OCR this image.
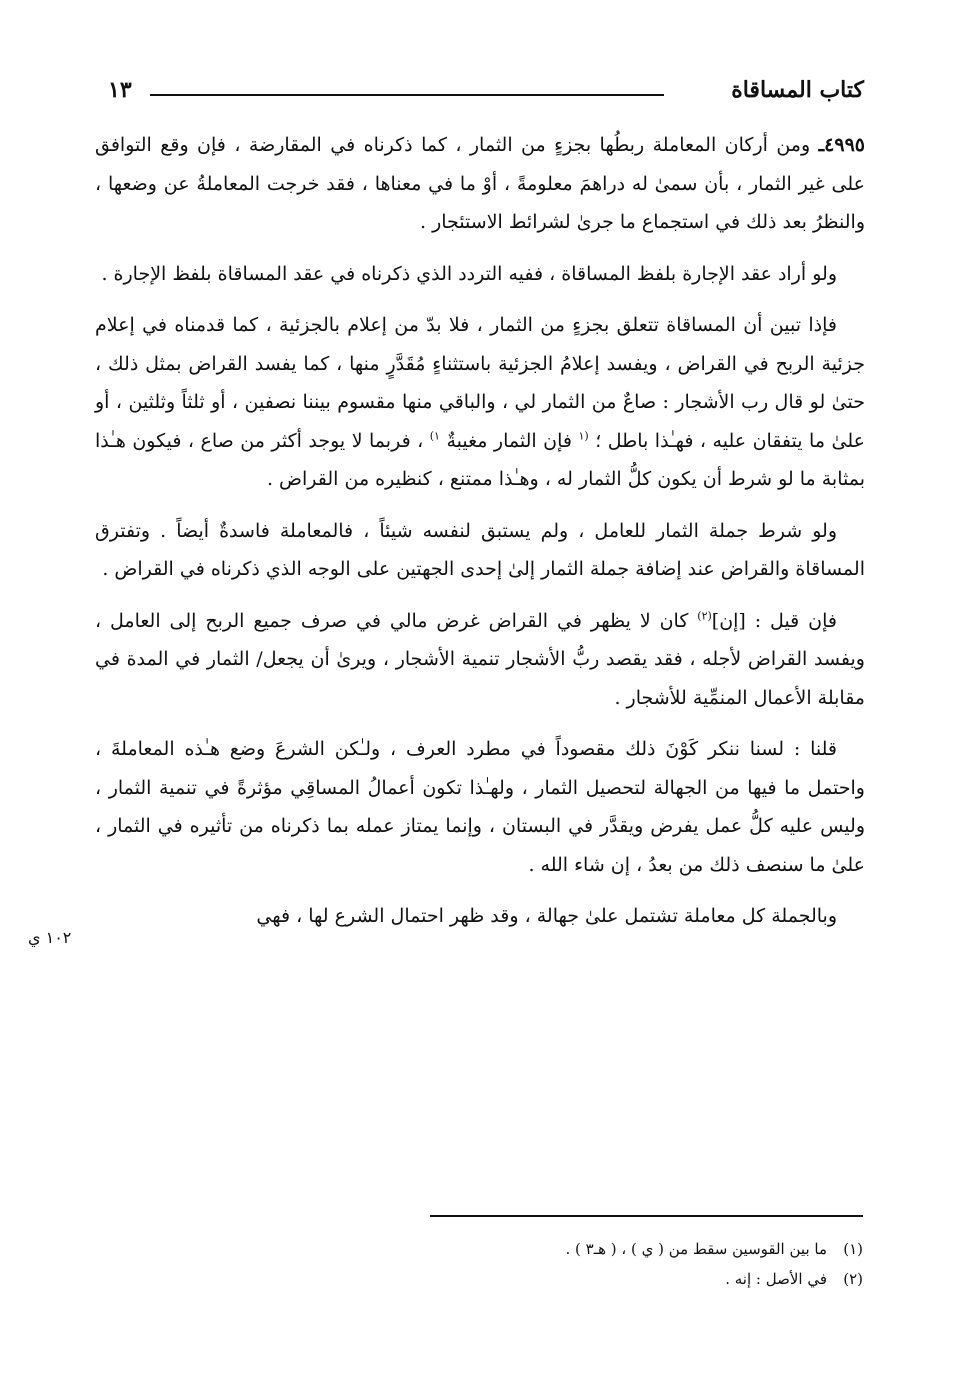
كتاب المساقاة
١٣

٤٩٩٥ـ ومن أركان المعاملة ربطُها بجزءٍ من الثمار ، كما ذكرناه في المقارضة ، فإن وقع التوافق على غير الثمار ، بأن سمىٰ له دراهمَ معلومةً ، أوْ ما في معناها ، فقد خرجت المعاملةُ عن وضعها ، والنظرُ بعد ذلك في استجماع ما جرىٰ لشرائط الاستئجار .

ولو أراد عقد الإجارة بلفظ المساقاة ، ففيه التردد الذي ذكرناه في عقد المساقاة بلفظ الإجارة .

فإذا تبين أن المساقاة تتعلق بجزءٍ من الثمار ، فلا بدّ من إعلام بالجزئية ، كما قدمناه في إعلام جزئية الربح في القراض ، ويفسد إعلامُ الجزئية باستثناءٍ مُقَدَّرٍ منها ، كما يفسد القراض بمثل ذلك ، حتىٰ لو قال رب الأشجار : صاعٌ من الثمار لي ، والباقي منها مقسوم بيننا نصفين ، أو ثلثاً وثلثين ، أو علىٰ ما يتفقان عليه ، فهـٰذا باطل ؛ $^{(١}$ فإن الثمار مغيبةٌ $^{١)}$ ، فربما لا يوجد أكثر من صاع ، فيكون هـٰذا بمثابة ما لو شرط أن يكون كلُّ الثمار له ، وهـٰذا ممتنع ، كنظيره من القراض .

ولو شرط جملة الثمار للعامل ، ولم يستبق لنفسه شيئاً ، فالمعاملة فاسدةٌ أيضاً . وتفترق المساقاة والقراض عند إضافة جملة الثمار إلىٰ إحدى الجهتين على الوجه الذي ذكرناه في القراض .

فإن قيل : [إن]$^{(٢)}$ كان لا يظهر في القراض غرض مالي في صرف جميع الربح إلى العامل ، ويفسد القراض لأجله ، فقد يقصد ربُّ الأشجار تنمية الأشجار ، ويرىٰ أن يجعل/ الثمار في المدة في مقابلة الأعمال المنمِّية للأشجار .

قلنا : لسنا ننكر كَوْنَ ذلك مقصوداً في مطرد العرف ، ولـٰكن الشرعَ وضع هـٰذه المعاملةَ ، واحتمل ما فيها من الجهالة لتحصيل الثمار ، ولهـٰذا تكون أعمالُ المساقِي مؤثرةً في تنمية الثمار ، وليس عليه كلُّ عمل يفرض ويقدَّر في البستان ، وإنما يمتاز عمله بما ذكرناه من تأثيره في الثمار ، علىٰ ما سنصف ذلك من بعدُ ، إن شاء الله .

وبالجملة كل معاملة تشتمل علىٰ جهالة ، وقد ظهر احتمال الشرع لها ، فهي

١٠٢ ي
(١)ما بين القوسين سقط من ( ي ) ، ( هـ٣ ) .
(٢)في الأصل : إنه .
